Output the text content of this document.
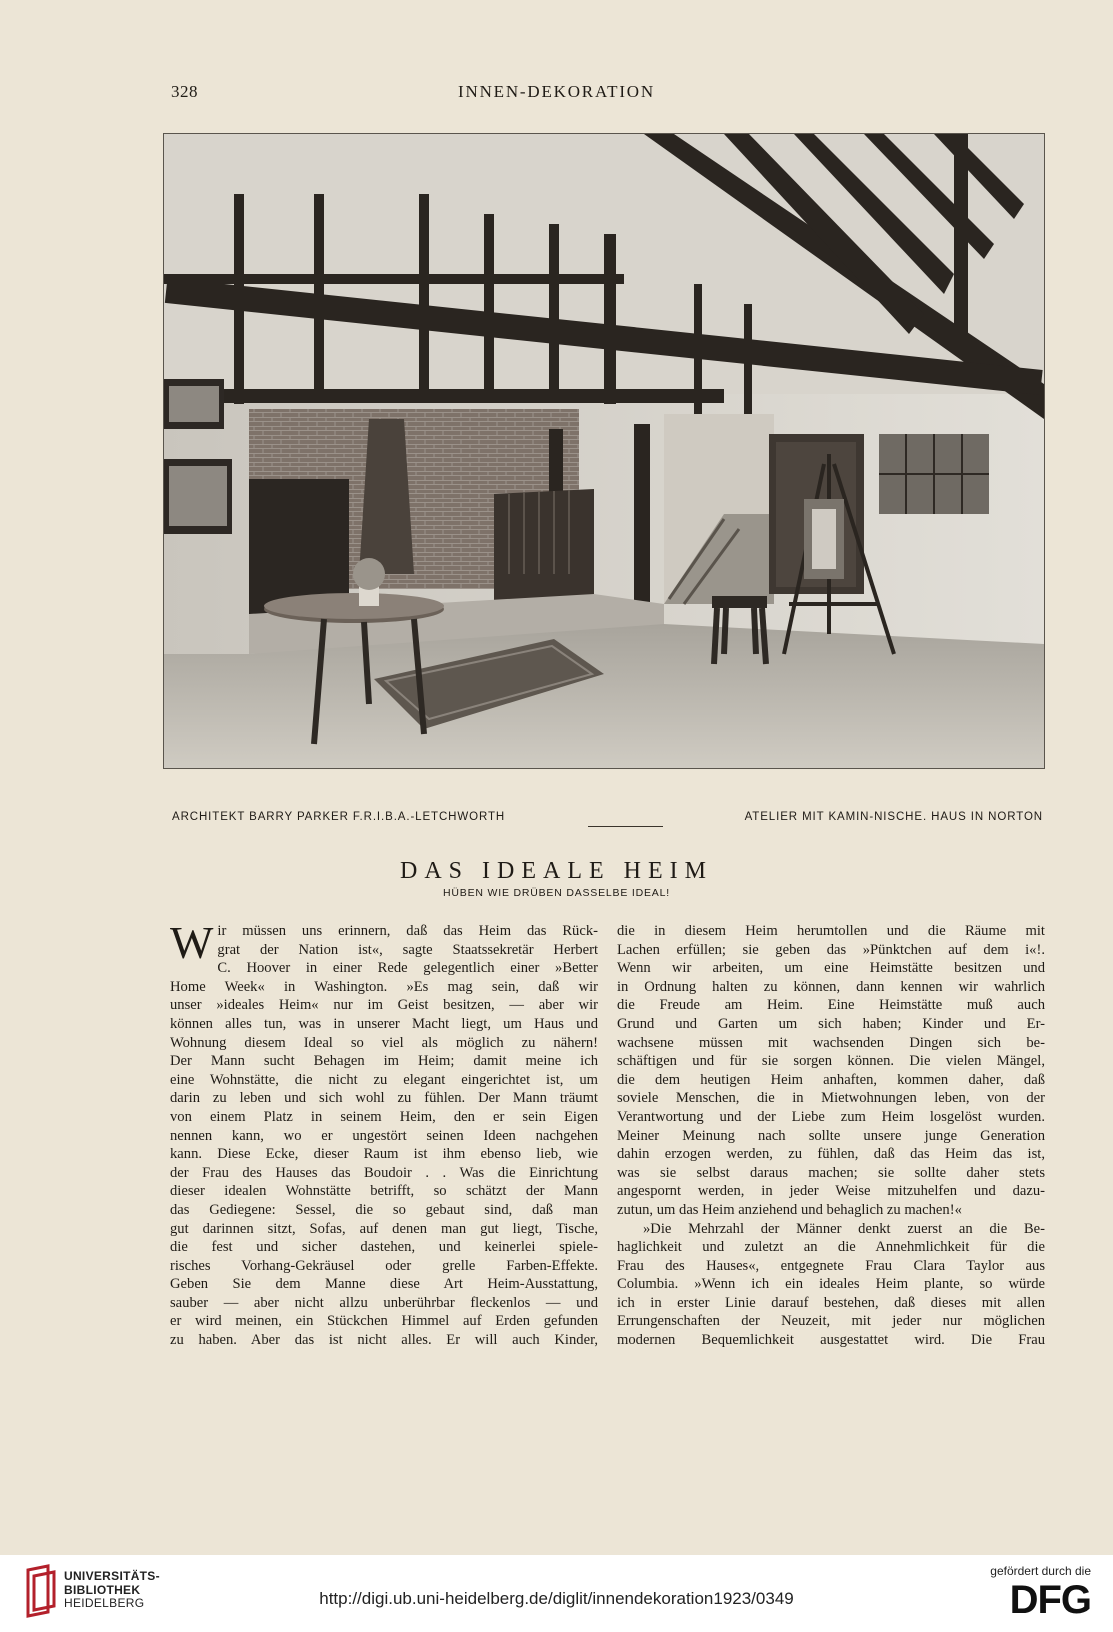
328	INNEN-DEKORATION
ARCHITEKT BARRY PARKER F.R.I.B.A.-LETCHWORTH	ATELIER MIT KAMIN-NISCHE. HAUS IN NORTON
DAS IDEALE HEIM
HÜBEN WIE DRÜBEN DASSELBE IDEAL!
W ir müssen uns erinnern, daß das Heim das Rück-
grat der Nation ist«, sagte Staatssekretär Herbert
C. Hoover in einer Rede gelegentlich einer »Better
Home Week« in Washington. »Es mag sein, daß wir
unser »ideales Heim« nur im Geist besitzen, — aber wir
können alles tun, was in unserer Macht liegt, um Haus und
Wohnung diesem Ideal so viel als möglich zu nähern!
Der Mann sucht Behagen im Heim; damit meine ich
eine Wohnstätte, die nicht zu elegant eingerichtet ist, um
darin zu leben und sich wohl zu fühlen. Der Mann träumt
von einem Platz in seinem Heim, den er sein Eigen
nennen kann, wo er ungestört seinen Ideen nachgehen
kann. Diese Ecke, dieser Raum ist ihm ebenso lieb, wie
der Frau des Hauses das Boudoir . . Was die Einrichtung
dieser idealen Wohnstätte betrifft, so schätzt der Mann
das Gediegene: Sessel, die so gebaut sind, daß man
gut darinnen sitzt, Sofas, auf denen man gut liegt, Tische,
die fest und sicher dastehen, und keinerlei spiele-
risches Vorhang-Gekräusel oder grelle Farben-Effekte.
Geben Sie dem Manne diese Art Heim-Ausstattung,
sauber — aber nicht allzu unberührbar fleckenlos — und
er wird meinen, ein Stückchen Himmel auf Erden gefunden
zu haben. Aber das ist nicht alles. Er will auch Kinder,
die in diesem Heim herumtollen und die Räume mit
Lachen erfüllen; sie geben das »Pünktchen auf dem i«!.
Wenn wir arbeiten, um eine Heimstätte besitzen und
in Ordnung halten zu können, dann kennen wir wahrlich
die Freude am Heim. Eine Heimstätte muß auch
Grund und Garten um sich haben; Kinder und Er-
wachsene müssen mit wachsenden Dingen sich be-
schäftigen und für sie sorgen können. Die vielen Mängel,
die dem heutigen Heim anhaften, kommen daher, daß
soviele Menschen, die in Mietwohnungen leben, von der
Verantwortung und der Liebe zum Heim losgelöst wurden.
Meiner Meinung nach sollte unsere junge Generation
dahin erzogen werden, zu fühlen, daß das Heim das ist,
was sie selbst daraus machen; sie sollte daher stets
angespornt werden, in jeder Weise mitzuhelfen und dazu-
zutun, um das Heim anziehend und behaglich zu machen!«
»Die Mehrzahl der Männer denkt zuerst an die Be-
haglichkeit und zuletzt an die Annehmlichkeit für die
Frau des Hauses«, entgegnete Frau Clara Taylor aus
Columbia. »Wenn ich ein ideales Heim plante, so würde
ich in erster Linie darauf bestehen, daß dieses mit allen
Errungenschaften der Neuzeit, mit jeder nur möglichen
modernen Bequemlichkeit ausgestattet wird. Die Frau
UNIVERSITÄTS-
BIBLIOTHEK
HEIDELBERG	http://digi.ub.uni-heidelberg.de/diglit/innendekoration1923/0349
gefördert durch die
DFG
